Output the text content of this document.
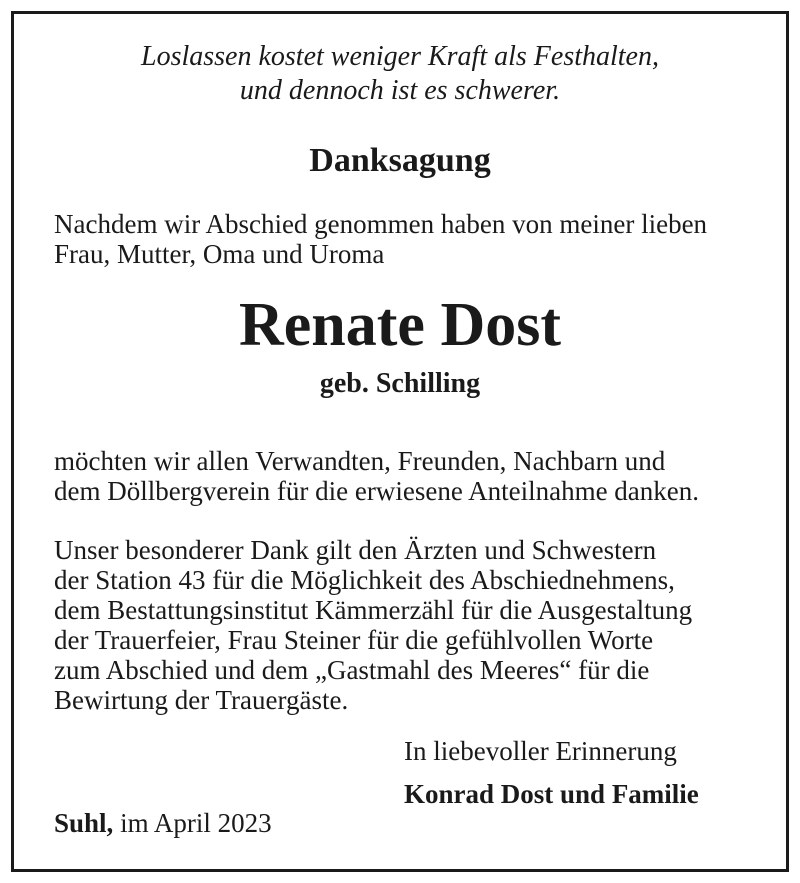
Loslassen kostet weniger Kraft als Festhalten,

und dennoch ist es schwerer.

Danksagung

Nachdem wir Abschied genommen haben von meiner lieben

Frau, Mutter, Oma und Uroma

Renate Dost

geb. Schilling

möchten wir allen Verwandten, Freunden, Nachbarn und

dem Döllbergverein für die erwiesene Anteilnahme danken.

Unser besonderer Dank gilt den Ärzten und Schwestern

der Station 43 für die Möglichkeit des Abschiednehmens,

dem Bestattungsinstitut Kämmerzähl für die Ausgestaltung

der Trauerfeier, Frau Steiner für die gefühlvollen Worte

zum Abschied und dem „Gastmahl des Meeres“ für die

Bewirtung der Trauergäste.

In liebevoller Erinnerung

Konrad Dost und Familie

Suhl, im April 2023
